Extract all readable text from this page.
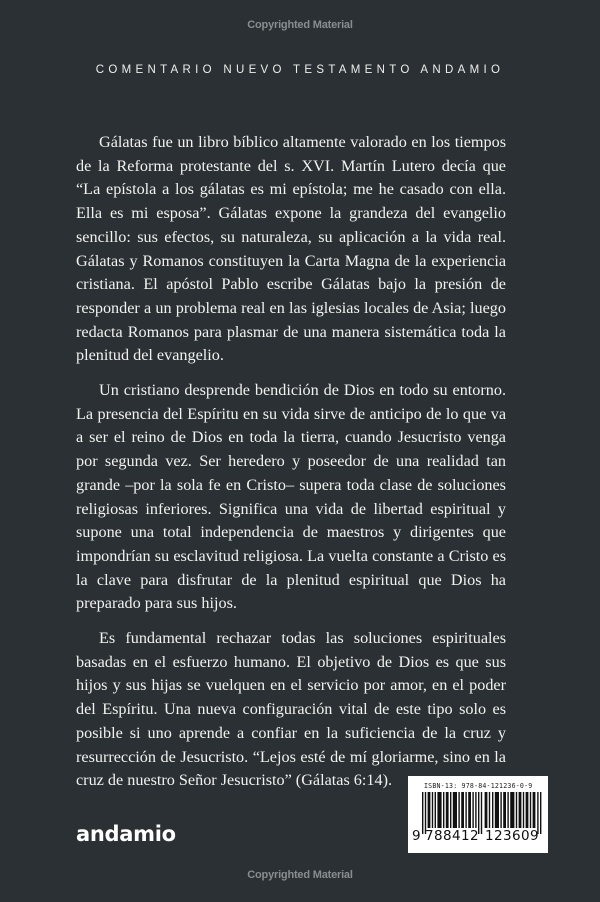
Copyrighted Material
COMENTARIO NUEVO TESTAMENTO ANDAMIO

Gálatas fue un libro bíblico altamente valorado en los tiempos de la Reforma protestante del s. XVI. Martín Lutero decía que “La epístola a los gálatas es mi epístola; me he casado con ella. Ella es mi esposa”. Gálatas expone la grandeza del evangelio sencillo: sus efectos, su naturaleza, su aplicación a la vida real. Gálatas y Romanos constituyen la Carta Magna de la experiencia cristiana. El apóstol Pablo escribe Gálatas bajo la presión de responder a un problema real en las iglesias locales de Asia; luego redacta Romanos para plasmar de una manera sistemática toda la plenitud del evangelio.

Un cristiano desprende bendición de Dios en todo su entorno. La presencia del Espíritu en su vida sirve de anticipo de lo que va a ser el reino de Dios en toda la tierra, cuando Jesucristo venga por segunda vez. Ser heredero y poseedor de una realidad tan grande –por la sola fe en Cristo– supera toda clase de soluciones religiosas inferiores. Significa una vida de libertad espiritual y supone una total independencia de maestros y dirigentes que impondrían su esclavitud religiosa. La vuelta constante a Cristo es la clave para disfrutar de la plenitud espiritual que Dios ha preparado para sus hijos.

Es fundamental rechazar todas las soluciones espirituales basadas en el esfuerzo humano. El objetivo de Dios es que sus hijos y sus hijas se vuelquen en el servicio por amor, en el poder del Espíritu. Una nueva configuración vital de este tipo solo es posible si uno aprende a confiar en la suficiencia de la cruz y resurrección de Jesucristo. “Lejos esté de mí gloriarme, sino en la cruz de nuestro Señor Jesucristo” (Gálatas 6:14).

andamio
ISBN-13: 978-84-121236-0-9
9 788412 123609
Copyrighted Material
